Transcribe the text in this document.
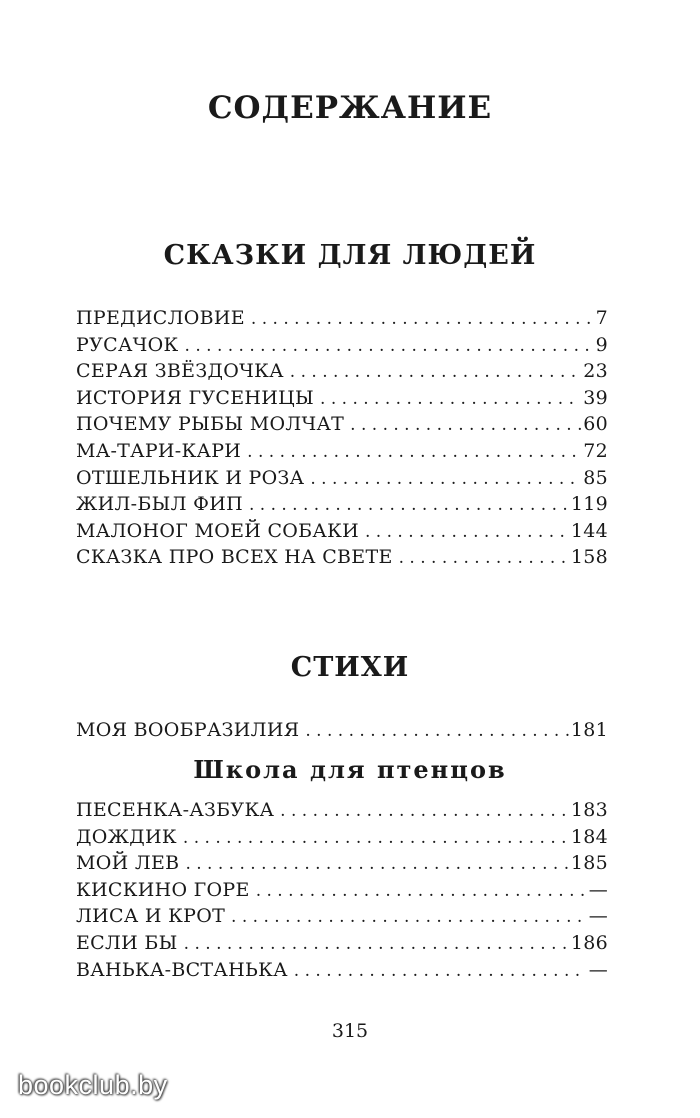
СОДЕРЖАНИЕ
СКАЗКИ ДЛЯ ЛЮДЕЙ
ПРЕДИСЛОВИЕ . . .	7
РУСАЧОК . . .	9
СЕРАЯ ЗВЁЗДОЧКА . . .	23
ИСТОРИЯ ГУСЕНИЦЫ . . .	39
ПОЧЕМУ РЫБЫ МОЛЧАТ . . .	60
МА-ТАРИ-КАРИ . . .	72
ОТШЕЛЬНИК И РОЗА . . .	85
ЖИЛ-БЫЛ ФИП . . .	119
МАЛОНОГ МОЕЙ СОБАКИ . . .	144
СКАЗКА ПРО ВСЕХ НА СВЕТЕ . . .	158
СТИХИ
МОЯ ВООБРАЗИЛИЯ . . .	181
Школа для птенцов
ПЕСЕНКА-АЗБУКА . . .	183
ДОЖДИК . . .	184
МОЙ ЛЕВ . . .	185
КИСКИНО ГОРЕ . . .	—
ЛИСА И КРОТ . . .	—
ЕСЛИ БЫ . . .	186
ВАНЬКА-ВСТАНЬКА . . .	—
315
bookclub.by
